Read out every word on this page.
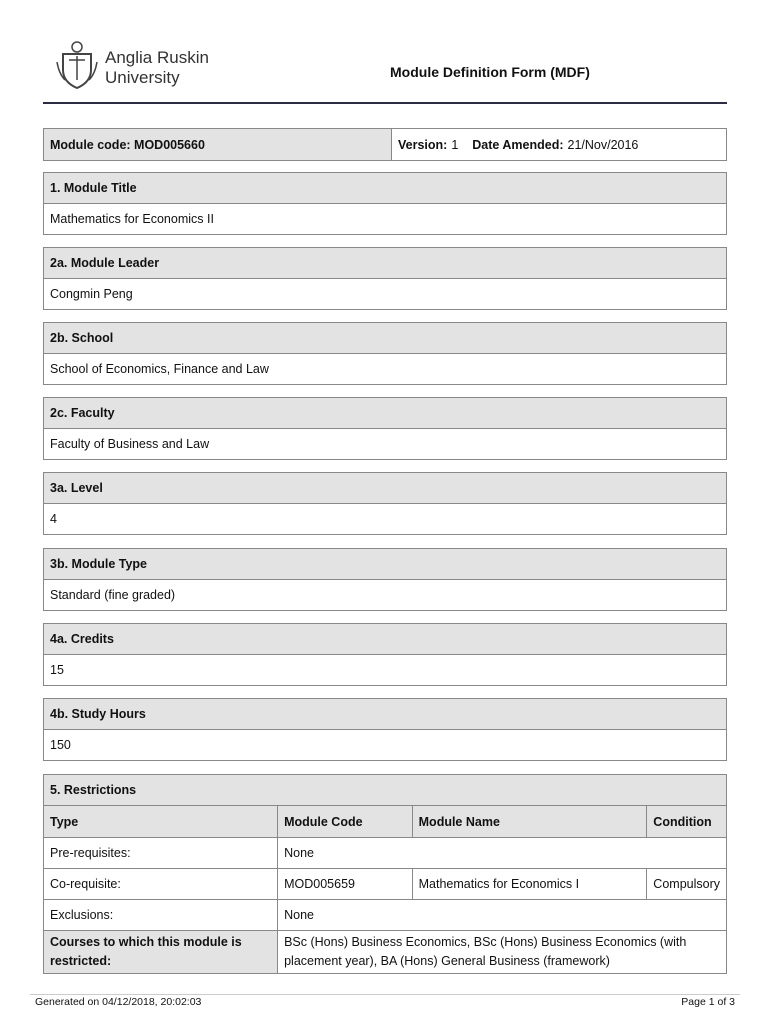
Anglia Ruskin
University	Module Definition Form (MDF)
Module code: MOD005660	Version: 1 Date Amended: 21/Nov/2016
1. Module Title
Mathematics for Economics II
2a. Module Leader
Congmin Peng
2b. School
School of Economics, Finance and Law
2c. Faculty
Faculty of Business and Law
3a. Level
4
3b. Module Type
Standard (fine graded)
4a. Credits
15
4b. Study Hours
150
5. Restrictions
Type	Module Code	Module Name	Condition
Pre-requisites:	None		
Co-requisite:	MOD005659	Mathematics for Economics I	Compulsory
Exclusions:	None		
Courses to which this module is restricted:	BSc (Hons) Business Economics, BSc (Hons) Business Economics (with placement year), BA (Hons) General Business (framework)		
Generated on 04/12/2018, 20:02:03	Page 1 of 3
